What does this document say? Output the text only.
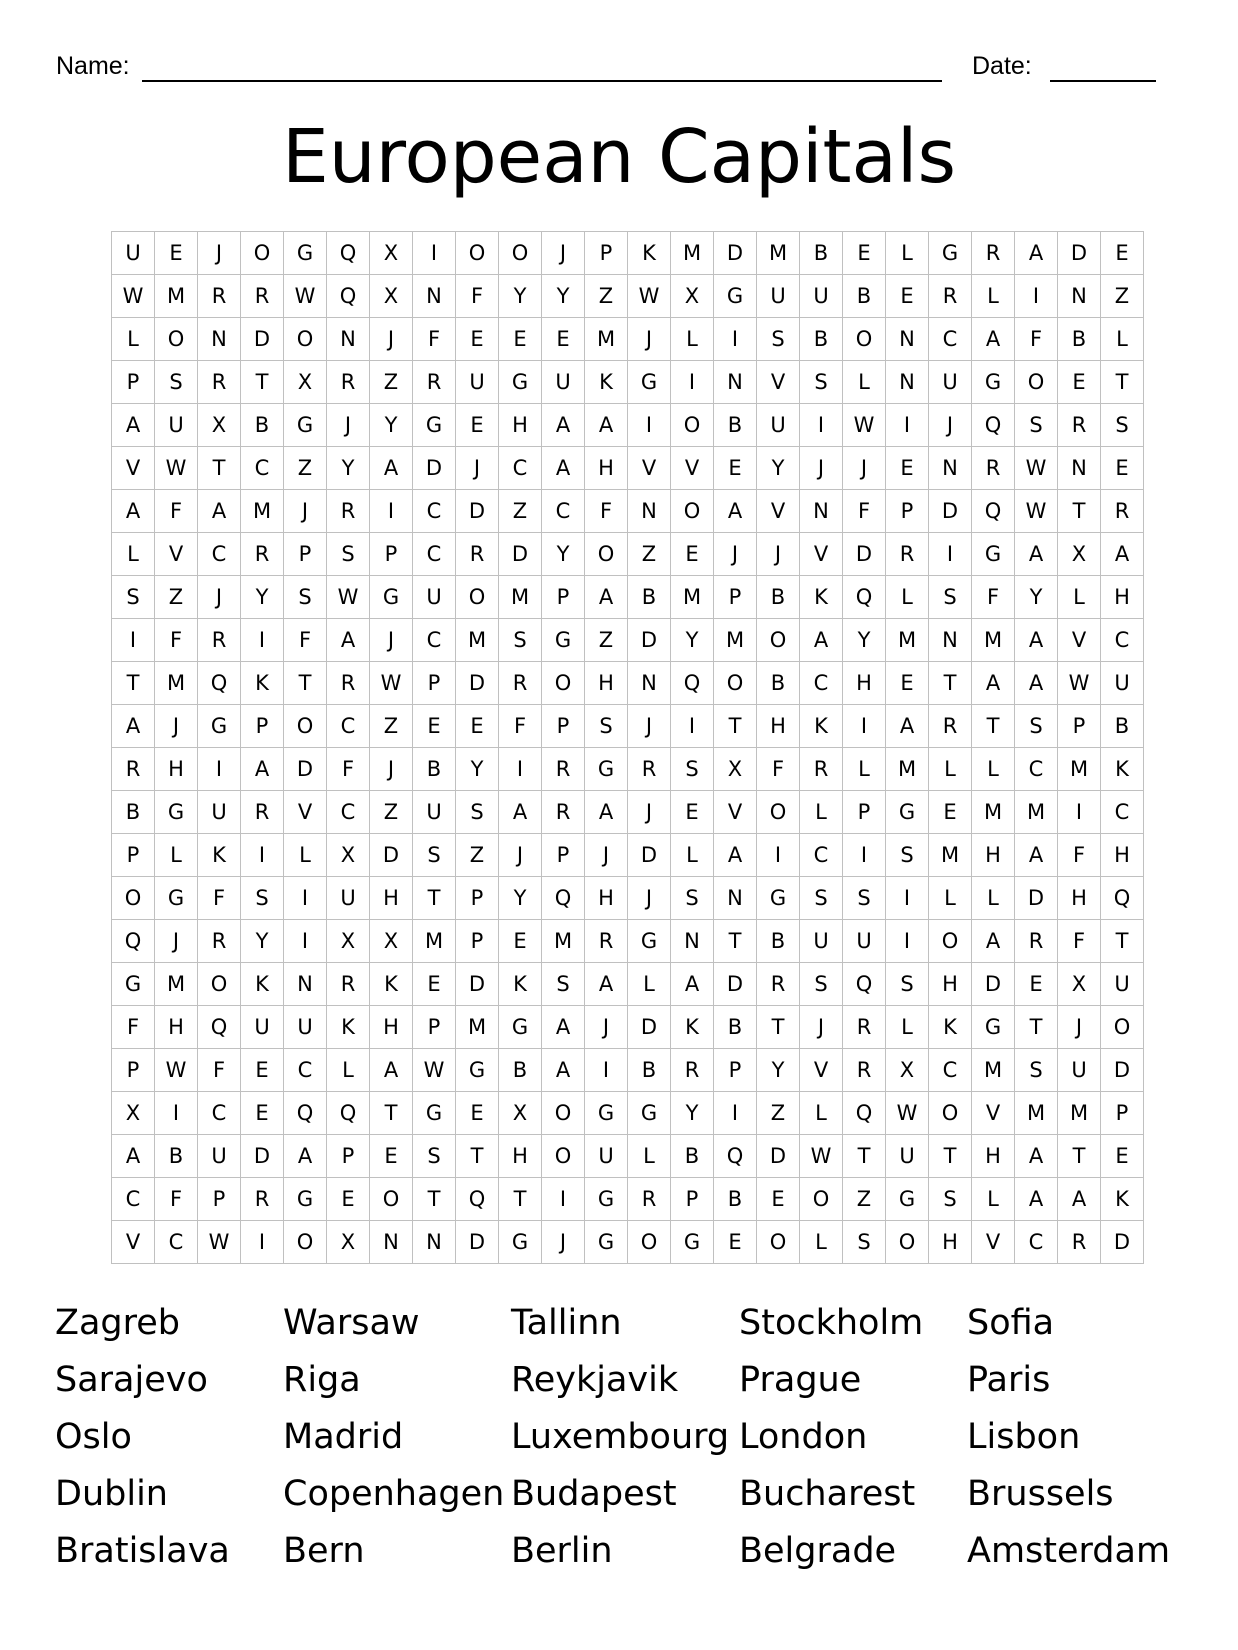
Name:	Date:
European Capitals
U	E	J	O	G	Q	X	I	O	O	J	P	K	M	D	M	B	E	L	G	R	A	D	E
W	M	R	R	W	Q	X	N	F	Y	Y	Z	W	X	G	U	U	B	E	R	L	I	N	Z
L	O	N	D	O	N	J	F	E	E	E	M	J	L	I	S	B	O	N	C	A	F	B	L
P	S	R	T	X	R	Z	R	U	G	U	K	G	I	N	V	S	L	N	U	G	O	E	T
A	U	X	B	G	J	Y	G	E	H	A	A	I	O	B	U	I	W	I	J	Q	S	R	S
V	W	T	C	Z	Y	A	D	J	C	A	H	V	V	E	Y	J	J	E	N	R	W	N	E
A	F	A	M	J	R	I	C	D	Z	C	F	N	O	A	V	N	F	P	D	Q	W	T	R
L	V	C	R	P	S	P	C	R	D	Y	O	Z	E	J	J	V	D	R	I	G	A	X	A
S	Z	J	Y	S	W	G	U	O	M	P	A	B	M	P	B	K	Q	L	S	F	Y	L	H
I	F	R	I	F	A	J	C	M	S	G	Z	D	Y	M	O	A	Y	M	N	M	A	V	C
T	M	Q	K	T	R	W	P	D	R	O	H	N	Q	O	B	C	H	E	T	A	A	W	U
A	J	G	P	O	C	Z	E	E	F	P	S	J	I	T	H	K	I	A	R	T	S	P	B
R	H	I	A	D	F	J	B	Y	I	R	G	R	S	X	F	R	L	M	L	L	C	M	K
B	G	U	R	V	C	Z	U	S	A	R	A	J	E	V	O	L	P	G	E	M	M	I	C
P	L	K	I	L	X	D	S	Z	J	P	J	D	L	A	I	C	I	S	M	H	A	F	H
O	G	F	S	I	U	H	T	P	Y	Q	H	J	S	N	G	S	S	I	L	L	D	H	Q
Q	J	R	Y	I	X	X	M	P	E	M	R	G	N	T	B	U	U	I	O	A	R	F	T
G	M	O	K	N	R	K	E	D	K	S	A	L	A	D	R	S	Q	S	H	D	E	X	U
F	H	Q	U	U	K	H	P	M	G	A	J	D	K	B	T	J	R	L	K	G	T	J	O
P	W	F	E	C	L	A	W	G	B	A	I	B	R	P	Y	V	R	X	C	M	S	U	D
X	I	C	E	Q	Q	T	G	E	X	O	G	G	Y	I	Z	L	Q	W	O	V	M	M	P
A	B	U	D	A	P	E	S	T	H	O	U	L	B	Q	D	W	T	U	T	H	A	T	E
C	F	P	R	G	E	O	T	Q	T	I	G	R	P	B	E	O	Z	G	S	L	A	A	K
V	C	W	I	O	X	N	N	D	G	J	G	O	G	E	O	L	S	O	H	V	C	R	D
Zagreb	Warsaw	Tallinn	Stockholm	Sofia
Sarajevo	Riga	Reykjavik	Prague	Paris
Oslo	Madrid	Luxembourg London	Lisbon
Dublin	Copenhagen Budapest	Bucharest	Brussels
Bratislava	Bern	Berlin	Belgrade	Amsterdam
